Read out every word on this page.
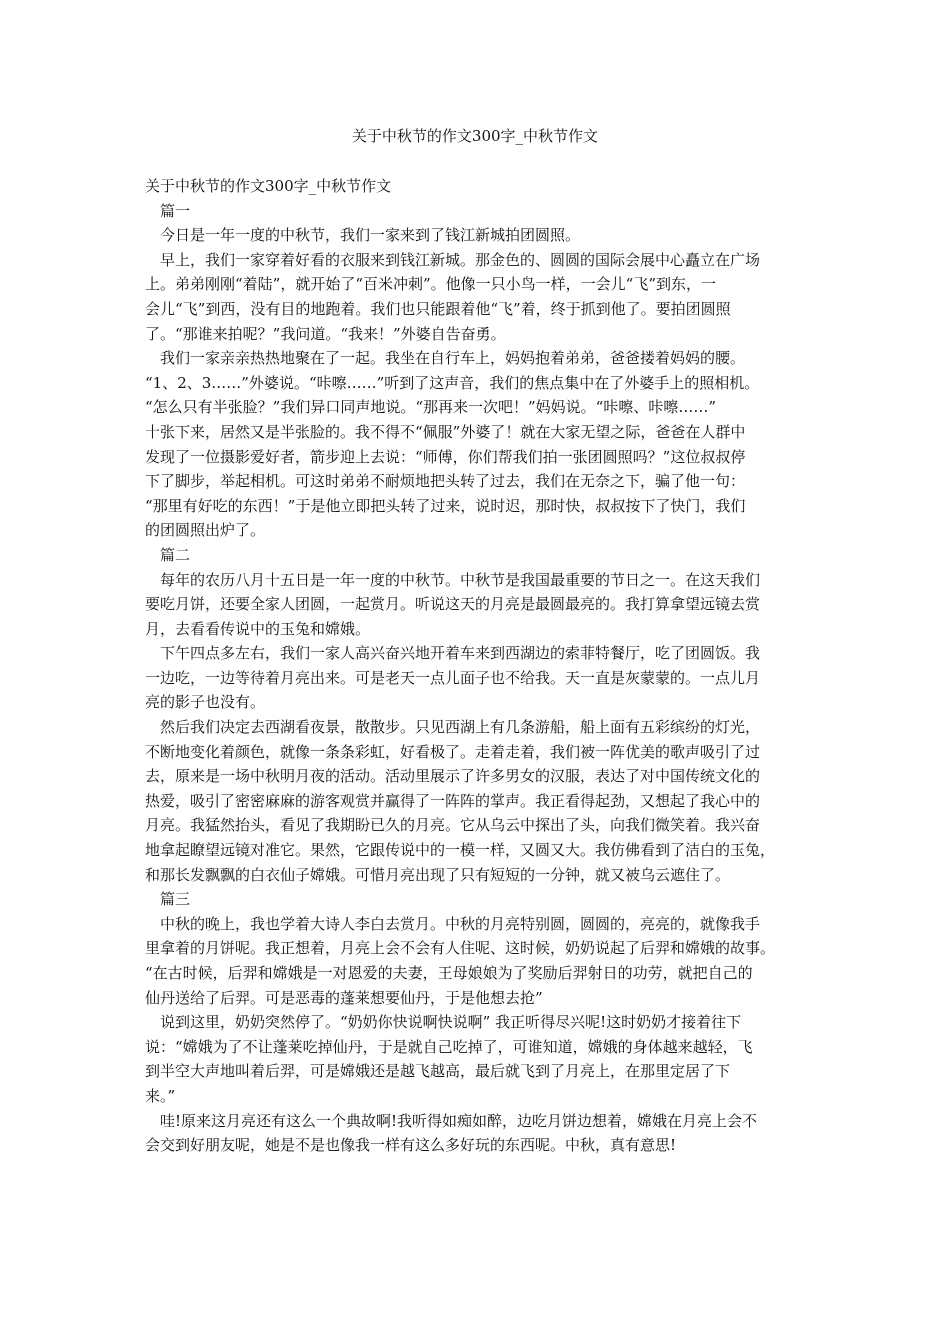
关于中秋节的作文300字_中秋节作文
关于中秋节的作文300字_中秋节作文
篇一
今日是一年一度的中秋节，我们一家来到了钱江新城拍团圆照。
早上，我们一家穿着好看的衣服来到钱江新城。那金色的、圆圆的国际会展中心矗立在广场
上。弟弟刚刚“着陆”，就开始了“百米冲刺”。他像一只小鸟一样，一会儿“飞”到东，一
会儿“飞”到西，没有目的地跑着。我们也只能跟着他“飞”着，终于抓到他了。要拍团圆照
了。“那谁来拍呢？”我问道。“我来！”外婆自告奋勇。
我们一家亲亲热热地聚在了一起。我坐在自行车上，妈妈抱着弟弟，爸爸搂着妈妈的腰。
“1、2、3……”外婆说。“咔嚓……”听到了这声音，我们的焦点集中在了外婆手上的照相机。
“怎么只有半张脸？”我们异口同声地说。“那再来一次吧！”妈妈说。“咔嚓、咔嚓……”
十张下来，居然又是半张脸的。我不得不“佩服”外婆了！就在大家无望之际，爸爸在人群中
发现了一位摄影爱好者，箭步迎上去说：“师傅，你们帮我们拍一张团圆照吗？”这位叔叔停
下了脚步，举起相机。可这时弟弟不耐烦地把头转了过去，我们在无奈之下，骗了他一句：
“那里有好吃的东西！”于是他立即把头转了过来，说时迟，那时快，叔叔按下了快门，我们
的团圆照出炉了。
篇二
每年的农历八月十五日是一年一度的中秋节。中秋节是我国最重要的节日之一。在这天我们
要吃月饼，还要全家人团圆，一起赏月。听说这天的月亮是最圆最亮的。我打算拿望远镜去赏
月，去看看传说中的玉兔和嫦娥。
下午四点多左右，我们一家人高兴奋兴地开着车来到西湖边的索菲特餐厅，吃了团圆饭。我
一边吃，一边等待着月亮出来。可是老天一点儿面子也不给我。天一直是灰蒙蒙的。一点儿月
亮的影子也没有。
然后我们决定去西湖看夜景，散散步。只见西湖上有几条游船，船上面有五彩缤纷的灯光，
不断地变化着颜色，就像一条条彩虹，好看极了。走着走着，我们被一阵优美的歌声吸引了过
去，原来是一场中秋明月夜的活动。活动里展示了许多男女的汉服，表达了对中国传统文化的
热爱，吸引了密密麻麻的游客观赏并赢得了一阵阵的掌声。我正看得起劲，又想起了我心中的
月亮。我猛然抬头，看见了我期盼已久的月亮。它从乌云中探出了头，向我们微笑着。我兴奋
地拿起瞭望远镜对准它。果然，它跟传说中的一模一样，又圆又大。我仿佛看到了洁白的玉兔，
和那长发飘飘的白衣仙子嫦娥。可惜月亮出现了只有短短的一分钟，就又被乌云遮住了。
篇三
中秋的晚上，我也学着大诗人李白去赏月。中秋的月亮特别圆，圆圆的，亮亮的，就像我手
里拿着的月饼呢。我正想着，月亮上会不会有人住呢、这时候，奶奶说起了后羿和嫦娥的故事。
“在古时候，后羿和嫦娥是一对恩爱的夫妻，王母娘娘为了奖励后羿射日的功劳，就把自己的
仙丹送给了后羿。可是恶毒的蓬莱想要仙丹，于是他想去抢”
说到这里，奶奶突然停了。“奶奶你快说啊快说啊” 我正听得尽兴呢!这时奶奶才接着往下
说：“嫦娥为了不让蓬莱吃掉仙丹，于是就自己吃掉了，可谁知道，嫦娥的身体越来越轻，飞
到半空大声地叫着后羿，可是嫦娥还是越飞越高，最后就飞到了月亮上，在那里定居了下
来。”
哇!原来这月亮还有这么一个典故啊!我听得如痴如醉，边吃月饼边想着，嫦娥在月亮上会不
会交到好朋友呢，她是不是也像我一样有这么多好玩的东西呢。中秋，真有意思!
